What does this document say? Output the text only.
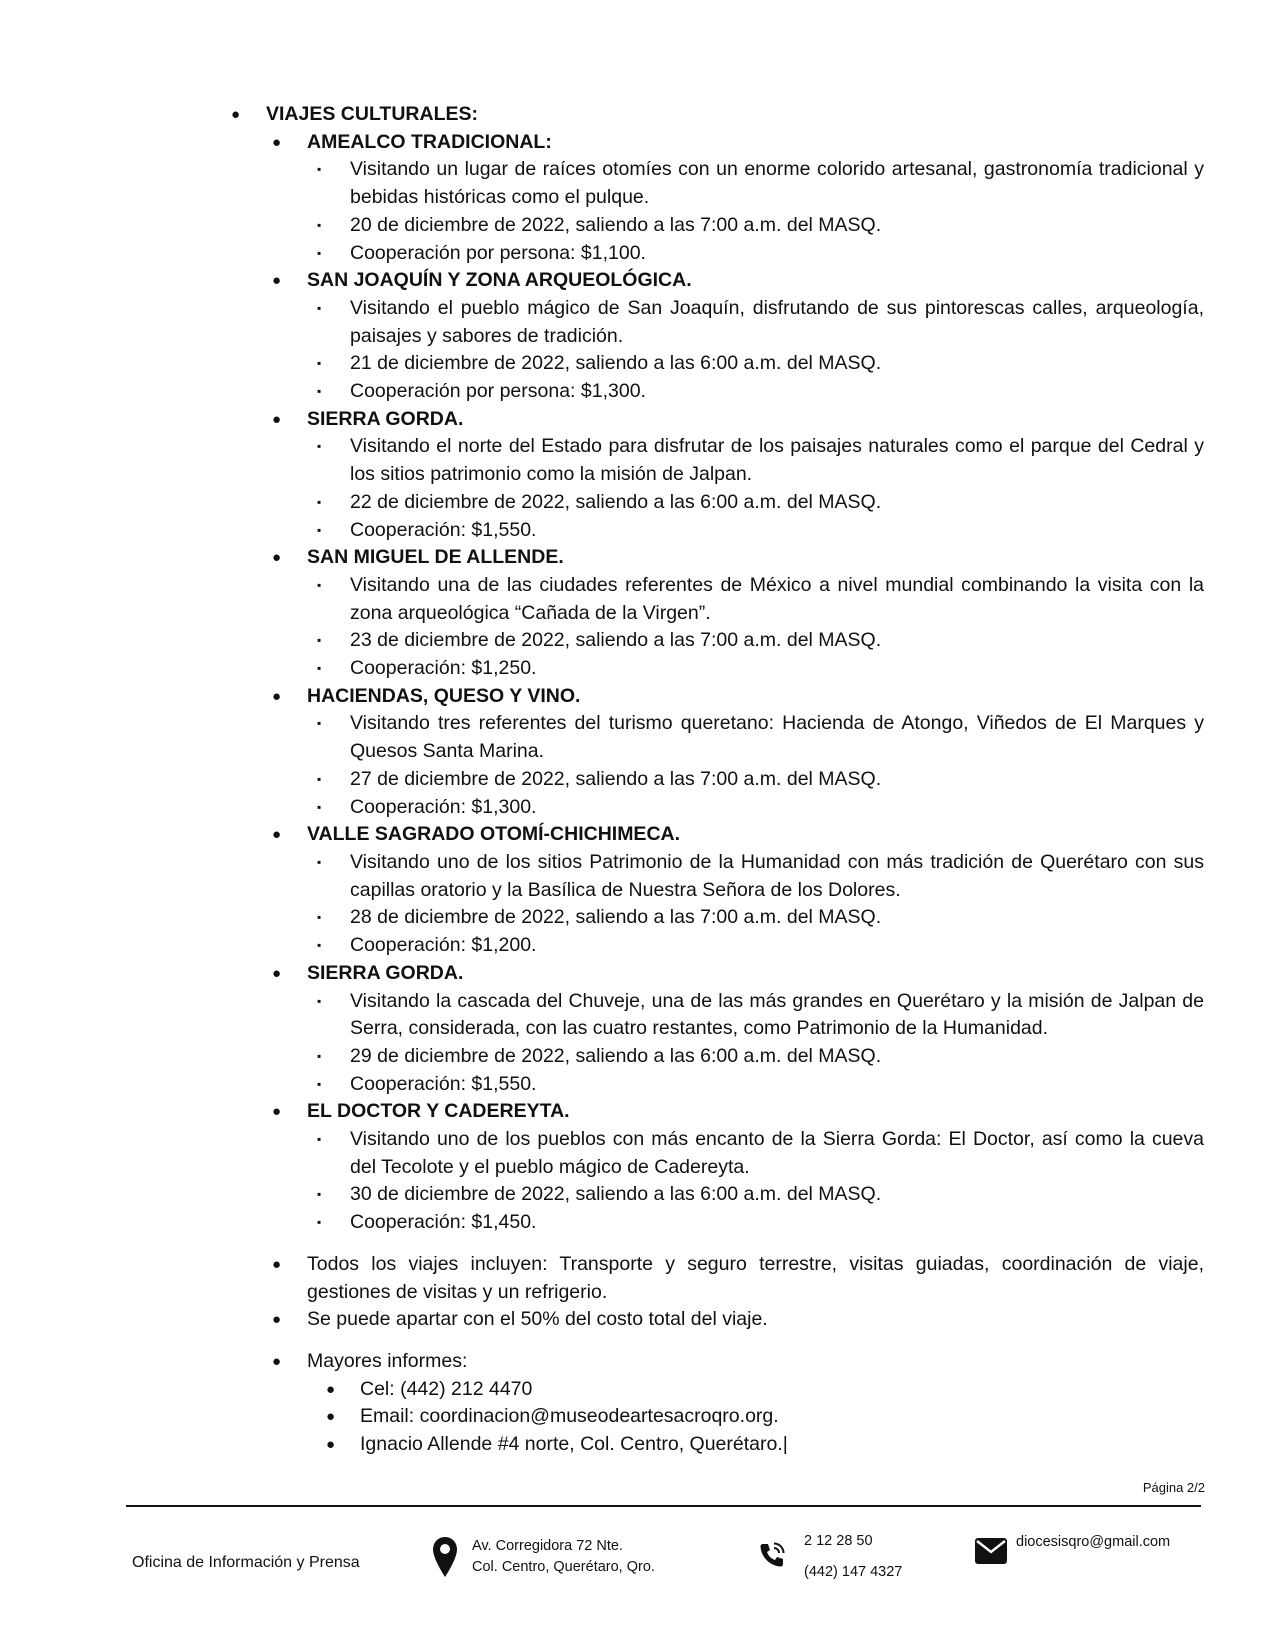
● VIAJES CULTURALES:
● AMEALCO TRADICIONAL:
▪ Visitando un lugar de raíces otomíes con un enorme colorido artesanal, gastronomía tradicional y bebidas históricas como el pulque.
▪ 20 de diciembre de 2022, saliendo a las 7:00 a.m. del MASQ.
▪ Cooperación por persona: $1,100.
● SAN JOAQUÍN Y ZONA ARQUEOLÓGICA.
▪ Visitando el pueblo mágico de San Joaquín, disfrutando de sus pintorescas calles, arqueología, paisajes y sabores de tradición.
▪ 21 de diciembre de 2022, saliendo a las 6:00 a.m. del MASQ.
▪ Cooperación por persona: $1,300.
● SIERRA GORDA.
▪ Visitando el norte del Estado para disfrutar de los paisajes naturales como el parque del Cedral y los sitios patrimonio como la misión de Jalpan.
▪ 22 de diciembre de 2022, saliendo a las 6:00 a.m. del MASQ.
▪ Cooperación: $1,550.
● SAN MIGUEL DE ALLENDE.
▪ Visitando una de las ciudades referentes de México a nivel mundial combinando la visita con la zona arqueológica “Cañada de la Virgen”.
▪ 23 de diciembre de 2022, saliendo a las 7:00 a.m. del MASQ.
▪ Cooperación: $1,250.
● HACIENDAS, QUESO Y VINO.
▪ Visitando tres referentes del turismo queretano: Hacienda de Atongo, Viñedos de El Marques y Quesos Santa Marina.
▪ 27 de diciembre de 2022, saliendo a las 7:00 a.m. del MASQ.
▪ Cooperación: $1,300.
● VALLE SAGRADO OTOMÍ-CHICHIMECA.
▪ Visitando uno de los sitios Patrimonio de la Humanidad con más tradición de Querétaro con sus capillas oratorio y la Basílica de Nuestra Señora de los Dolores.
▪ 28 de diciembre de 2022, saliendo a las 7:00 a.m. del MASQ.
▪ Cooperación: $1,200.
● SIERRA GORDA.
▪ Visitando la cascada del Chuveje, una de las más grandes en Querétaro y la misión de Jalpan de Serra, considerada, con las cuatro restantes, como Patrimonio de la Humanidad.
▪ 29 de diciembre de 2022, saliendo a las 6:00 a.m. del MASQ.
▪ Cooperación: $1,550.
● EL DOCTOR Y CADEREYTA.
▪ Visitando uno de los pueblos con más encanto de la Sierra Gorda: El Doctor, así como la cueva del Tecolote y el pueblo mágico de Cadereyta.
▪ 30 de diciembre de 2022, saliendo a las 6:00 a.m. del MASQ.
▪ Cooperación: $1,450.
● Todos los viajes incluyen: Transporte y seguro terrestre, visitas guiadas, coordinación de viaje, gestiones de visitas y un refrigerio.
● Se puede apartar con el 50% del costo total del viaje.
● Mayores informes:
● Cel: (442) 212 4470
● Email: coordinacion@museodeartesacroqro.org.
● Ignacio Allende #4 norte, Col. Centro, Querétaro.|
Página 2/2
Oficina de Información y Prensa
Av. Corregidora 72 Nte.
Col. Centro, Querétaro, Qro.
2 12 28 50
(442) 147 4327
diocesisqro@gmail.com
